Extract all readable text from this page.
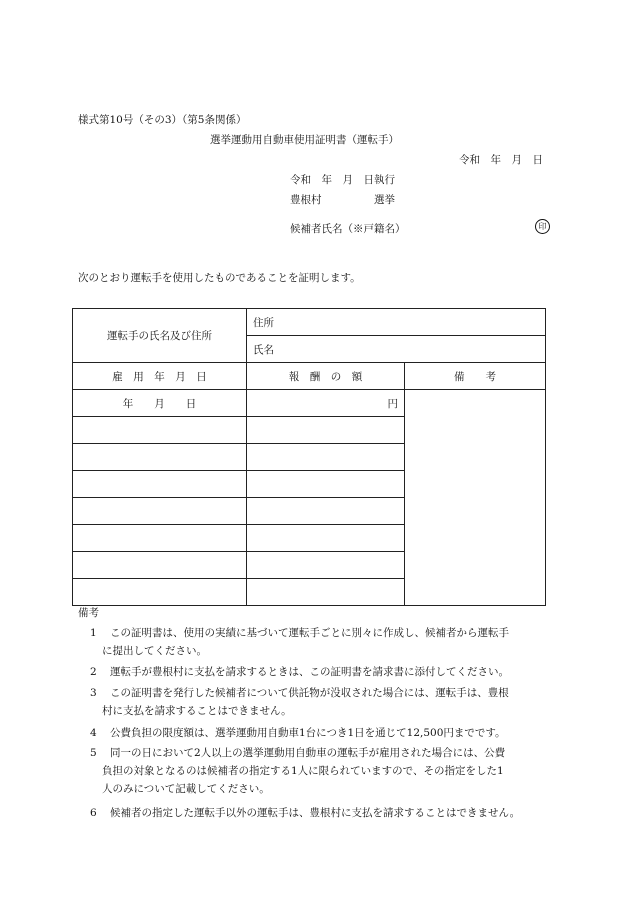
様式第10号（その3）（第5条関係）
選挙運動用自動車使用証明書（運転手）
令和　年　月　日
令和　年　月　日執行
豊根村　　　　　選挙
候補者氏名（※戸籍名）	印
次のとおり運転手を使用したものであることを証明します。
運転手の氏名及び住所	住所	
	氏名	
雇　用　年　月　日	報　酬　の　額	備　　考
年　　月　　日	円	

備考
1 この証明書は、使用の実績に基づいて運転手ごとに別々に作成し、候補者から運転手
に提出してください。
2 運転手が豊根村に支払を請求するときは、この証明書を請求書に添付してください。
3 この証明書を発行した候補者について供託物が没収された場合には、運転手は、豊根
村に支払を請求することはできません。
4 公費負担の限度額は、選挙運動用自動車1台につき1日を通じて12,500円までです。
5 同一の日において2人以上の選挙運動用自動車の運転手が雇用された場合には、公費
負担の対象となるのは候補者の指定する1人に限られていますので、その指定をした1
人のみについて記載してください。
6 候補者の指定した運転手以外の運転手は、豊根村に支払を請求することはできません。
